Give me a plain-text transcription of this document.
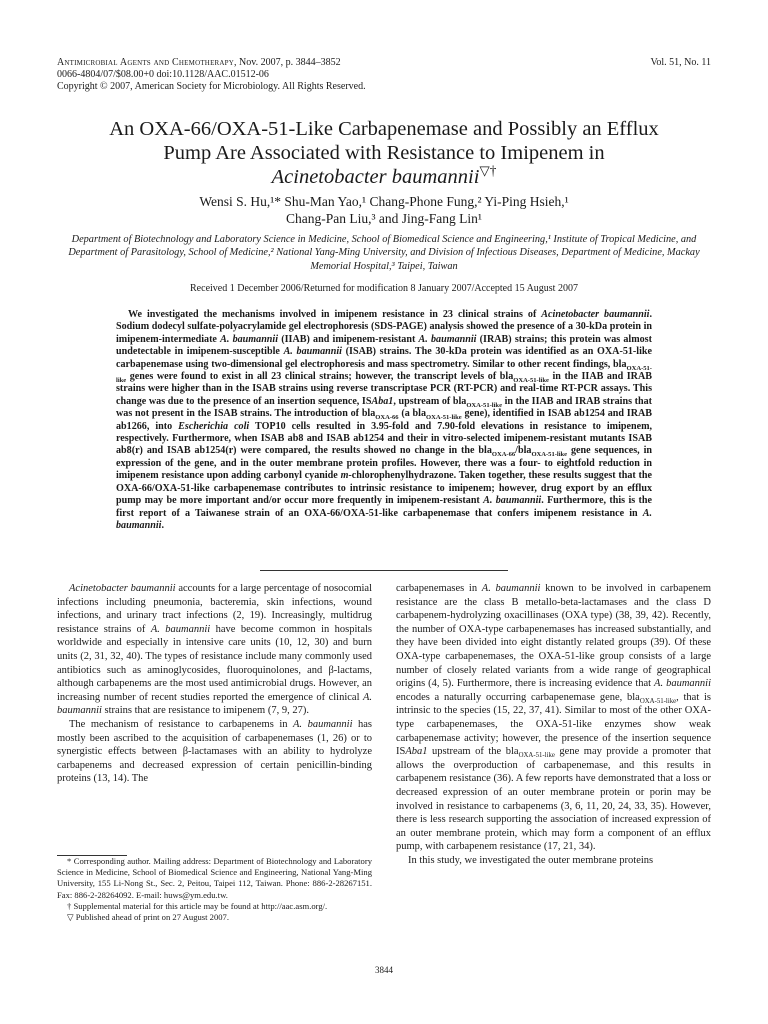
Antimicrobial Agents and Chemotherapy, Nov. 2007, p. 3844–3852
0066-4804/07/$08.00+0 doi:10.1128/AAC.01512-06
Copyright © 2007, American Society for Microbiology. All Rights Reserved.
Vol. 51, No. 11
An OXA-66/OXA-51-Like Carbapenemase and Possibly an Efflux
Pump Are Associated with Resistance to Imipenem in
Acinetobacter baumannii▽†
Wensi S. Hu,¹* Shu-Man Yao,¹ Chang-Phone Fung,² Yi-Ping Hsieh,¹
Chang-Pan Liu,³ and Jing-Fang Lin¹
Department of Biotechnology and Laboratory Science in Medicine, School of Biomedical Science and Engineering,¹ Institute of Tropical Medicine, and Department of Parasitology, School of Medicine,² National Yang-Ming University, and Division of Infectious Diseases, Department of Medicine, Mackay Memorial Hospital,³ Taipei, Taiwan
Received 1 December 2006/Returned for modification 8 January 2007/Accepted 15 August 2007
We investigated the mechanisms involved in imipenem resistance in 23 clinical strains of Acinetobacter baumannii. Sodium dodecyl sulfate-polyacrylamide gel electrophoresis (SDS-PAGE) analysis showed the presence of a 30-kDa protein in imipenem-intermediate A. baumannii (IIAB) and imipenem-resistant A. baumannii (IRAB) strains; this protein was almost undetectable in imipenem-susceptible A. baumannii (ISAB) strains. The 30-kDa protein was identified as an OXA-51-like carbapenemase using two-dimensional gel electrophoresis and mass spectrometry. Similar to other recent findings, bla$_{OXA-51-like}$ genes were found to exist in all 23 clinical strains; however, the transcript levels of bla$_{OXA-51-like}$ in the IIAB and IRAB strains were higher than in the ISAB strains using reverse transcriptase PCR (RT-PCR) and real-time RT-PCR assays. This change was due to the presence of an insertion sequence, ISAba1, upstream of bla$_{OXA-51-like}$ in the IIAB and IRAB strains that was not present in the ISAB strains. The introduction of bla$_{OXA-66}$ (a bla$_{OXA-51-like}$ gene), identified in ISAB ab1254 and IRAB ab1266, into Escherichia coli TOP10 cells resulted in 3.95-fold and 7.90-fold elevations in resistance to imipenem, respectively. Furthermore, when ISAB ab8 and ISAB ab1254 and their in vitro-selected imipenem-resistant mutants ISAB ab8(r) and ISAB ab1254(r) were compared, the results showed no change in the bla$_{OXA-66}$/bla$_{OXA-51-like}$ gene sequences, in expression of the gene, and in the outer membrane protein profiles. However, there was a four- to eightfold reduction in imipenem resistance upon adding carbonyl cyanide m-chlorophenylhydrazone. Taken together, these results suggest that the OXA-66/OXA-51-like carbapenemase contributes to intrinsic resistance to imipenem; however, drug export by an efflux pump may be more important and/or occur more frequently in imipenem-resistant A. baumannii. Furthermore, this is the first report of a Taiwanese strain of an OXA-66/OXA-51-like carbapenemase that confers imipenem resistance in A. baumannii.

Acinetobacter baumannii accounts for a large percentage of nosocomial infections including pneumonia, bacteremia, skin infections, wound infections, and urinary tract infections (2, 19). Increasingly, multidrug resistance strains of A. baumannii have become common in hospitals worldwide and especially in intensive care units (10, 12, 30) and burn units (2, 31, 32, 40). The types of resistance include many commonly used antibiotics such as aminoglycosides, fluoroquinolones, and β-lactams, although carbapenems are the most used antimicrobial drugs. However, an increasing number of recent studies reported the emergence of clinical A. baumannii strains that are resistance to imipenem (7, 9, 27).

The mechanism of resistance to carbapenems in A. baumannii has mostly been ascribed to the acquisition of carbapenemases (1, 26) or to synergistic effects between β-lactamases with an ability to hydrolyze carbapenems and decreased expression of certain penicillin-binding proteins (13, 14). The

* Corresponding author. Mailing address: Department of Biotechnology and Laboratory Science in Medicine, School of Biomedical Science and Engineering, National Yang-Ming University, 155 Li-Nong St., Sec. 2, Peitou, Taipei 112, Taiwan. Phone: 886-2-28267151. Fax: 886-2-28264092. E-mail: huws@ym.edu.tw.

† Supplemental material for this article may be found at http://aac.asm.org/.

▽ Published ahead of print on 27 August 2007.

carbapenemases in A. baumannii known to be involved in carbapenem resistance are the class B metallo-beta-lactamases and the class D carbapenem-hydrolyzing oxacillinases (OXA type) (38, 39, 42). Recently, the number of OXA-type carbapenemases has increased substantially, and they have been divided into eight distantly related groups (39). Of these OXA-type carbapenemases, the OXA-51-like group consists of a large number of closely related variants from a wide range of geographical origins (4, 5). Furthermore, there is increasing evidence that A. baumannii encodes a naturally occurring carbapenemase gene, bla$_{OXA-51-like}$, that is intrinsic to the species (15, 22, 37, 41). Similar to most of the other OXA-type carbapenemases, the OXA-51-like enzymes show weak carbapenemase activity; however, the presence of the insertion sequence ISAba1 upstream of the bla$_{OXA-51-like}$ gene may provide a promoter that allows the overproduction of carbapenemase, and this results in carbapenem resistance (36). A few reports have demonstrated that a loss or decreased expression of an outer membrane protein or porin may be involved in resistance to carbapenems (3, 6, 11, 20, 24, 33, 35). However, there is less research supporting the association of increased expression of an outer membrane protein, which may form a component of an efflux pump, with carbapenem resistance (17, 21, 34).

In this study, we investigated the outer membrane proteins

3844
